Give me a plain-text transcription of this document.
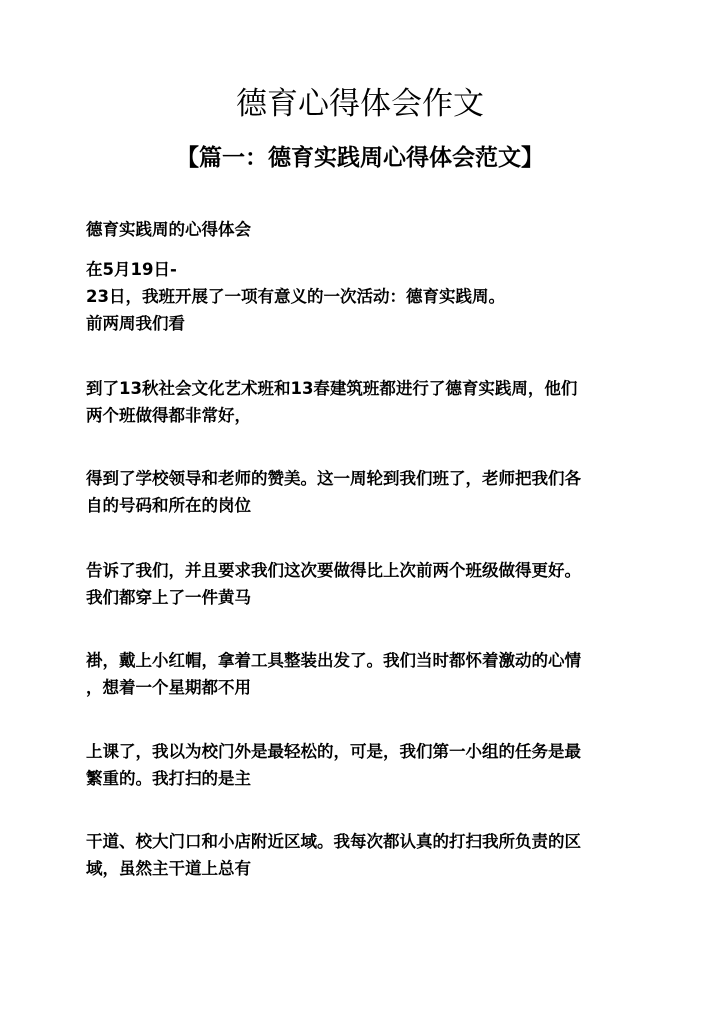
德育心得体会作文
【篇一：德育实践周心得体会范文】

德育实践周的心得体会

在5月19日-

23日，我班开展了一项有意义的一次活动：德育实践周。

前两周我们看

到了13秋社会文化艺术班和13春建筑班都进行了德育实践周，他们

两个班做得都非常好，

得到了学校领导和老师的赞美。这一周轮到我们班了，老师把我们各

自的号码和所在的岗位

告诉了我们，并且要求我们这次要做得比上次前两个班级做得更好。

我们都穿上了一件黄马

褂，戴上小红帽，拿着工具整装出发了。我们当时都怀着激动的心情

，想着一个星期都不用

上课了，我以为校门外是最轻松的，可是，我们第一小组的任务是最

繁重的。我打扫的是主

干道、校大门口和小店附近区域。我每次都认真的打扫我所负责的区

域，虽然主干道上总有
